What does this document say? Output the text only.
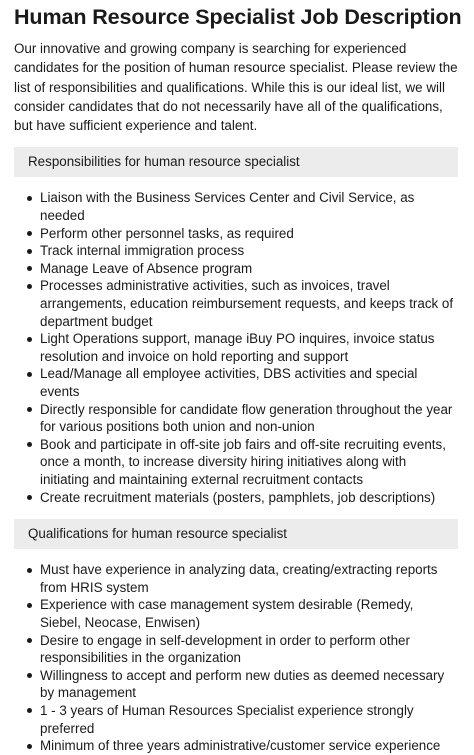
Human Resource Specialist Job Description

Our innovative and growing company is searching for experienced candidates for the position of human resource specialist. Please review the list of responsibilities and qualifications. While this is our ideal list, we will consider candidates that do not necessarily have all of the qualifications, but have sufficient experience and talent.

Responsibilities for human resource specialist
Liaison with the Business Services Center and Civil Service, as needed
Perform other personnel tasks, as required
Track internal immigration process
Manage Leave of Absence program
Processes administrative activities, such as invoices, travel arrangements, education reimbursement requests, and keeps track of department budget
Light Operations support, manage iBuy PO inquires, invoice status resolution and invoice on hold reporting and support
Lead/Manage all employee activities, DBS activities and special events
Directly responsible for candidate flow generation throughout the year for various positions both union and non-union
Book and participate in off-site job fairs and off-site recruiting events, once a month, to increase diversity hiring initiatives along with initiating and maintaining external recruitment contacts
Create recruitment materials (posters, pamphlets, job descriptions)
Qualifications for human resource specialist
Must have experience in analyzing data, creating/extracting reports from HRIS system
Experience with case management system desirable (Remedy, Siebel, Neocase, Enwisen)
Desire to engage in self-development in order to perform other responsibilities in the organization
Willingness to accept and perform new duties as deemed necessary by management
1 - 3 years of Human Resources Specialist experience strongly preferred
Minimum of three years administrative/customer service experience
